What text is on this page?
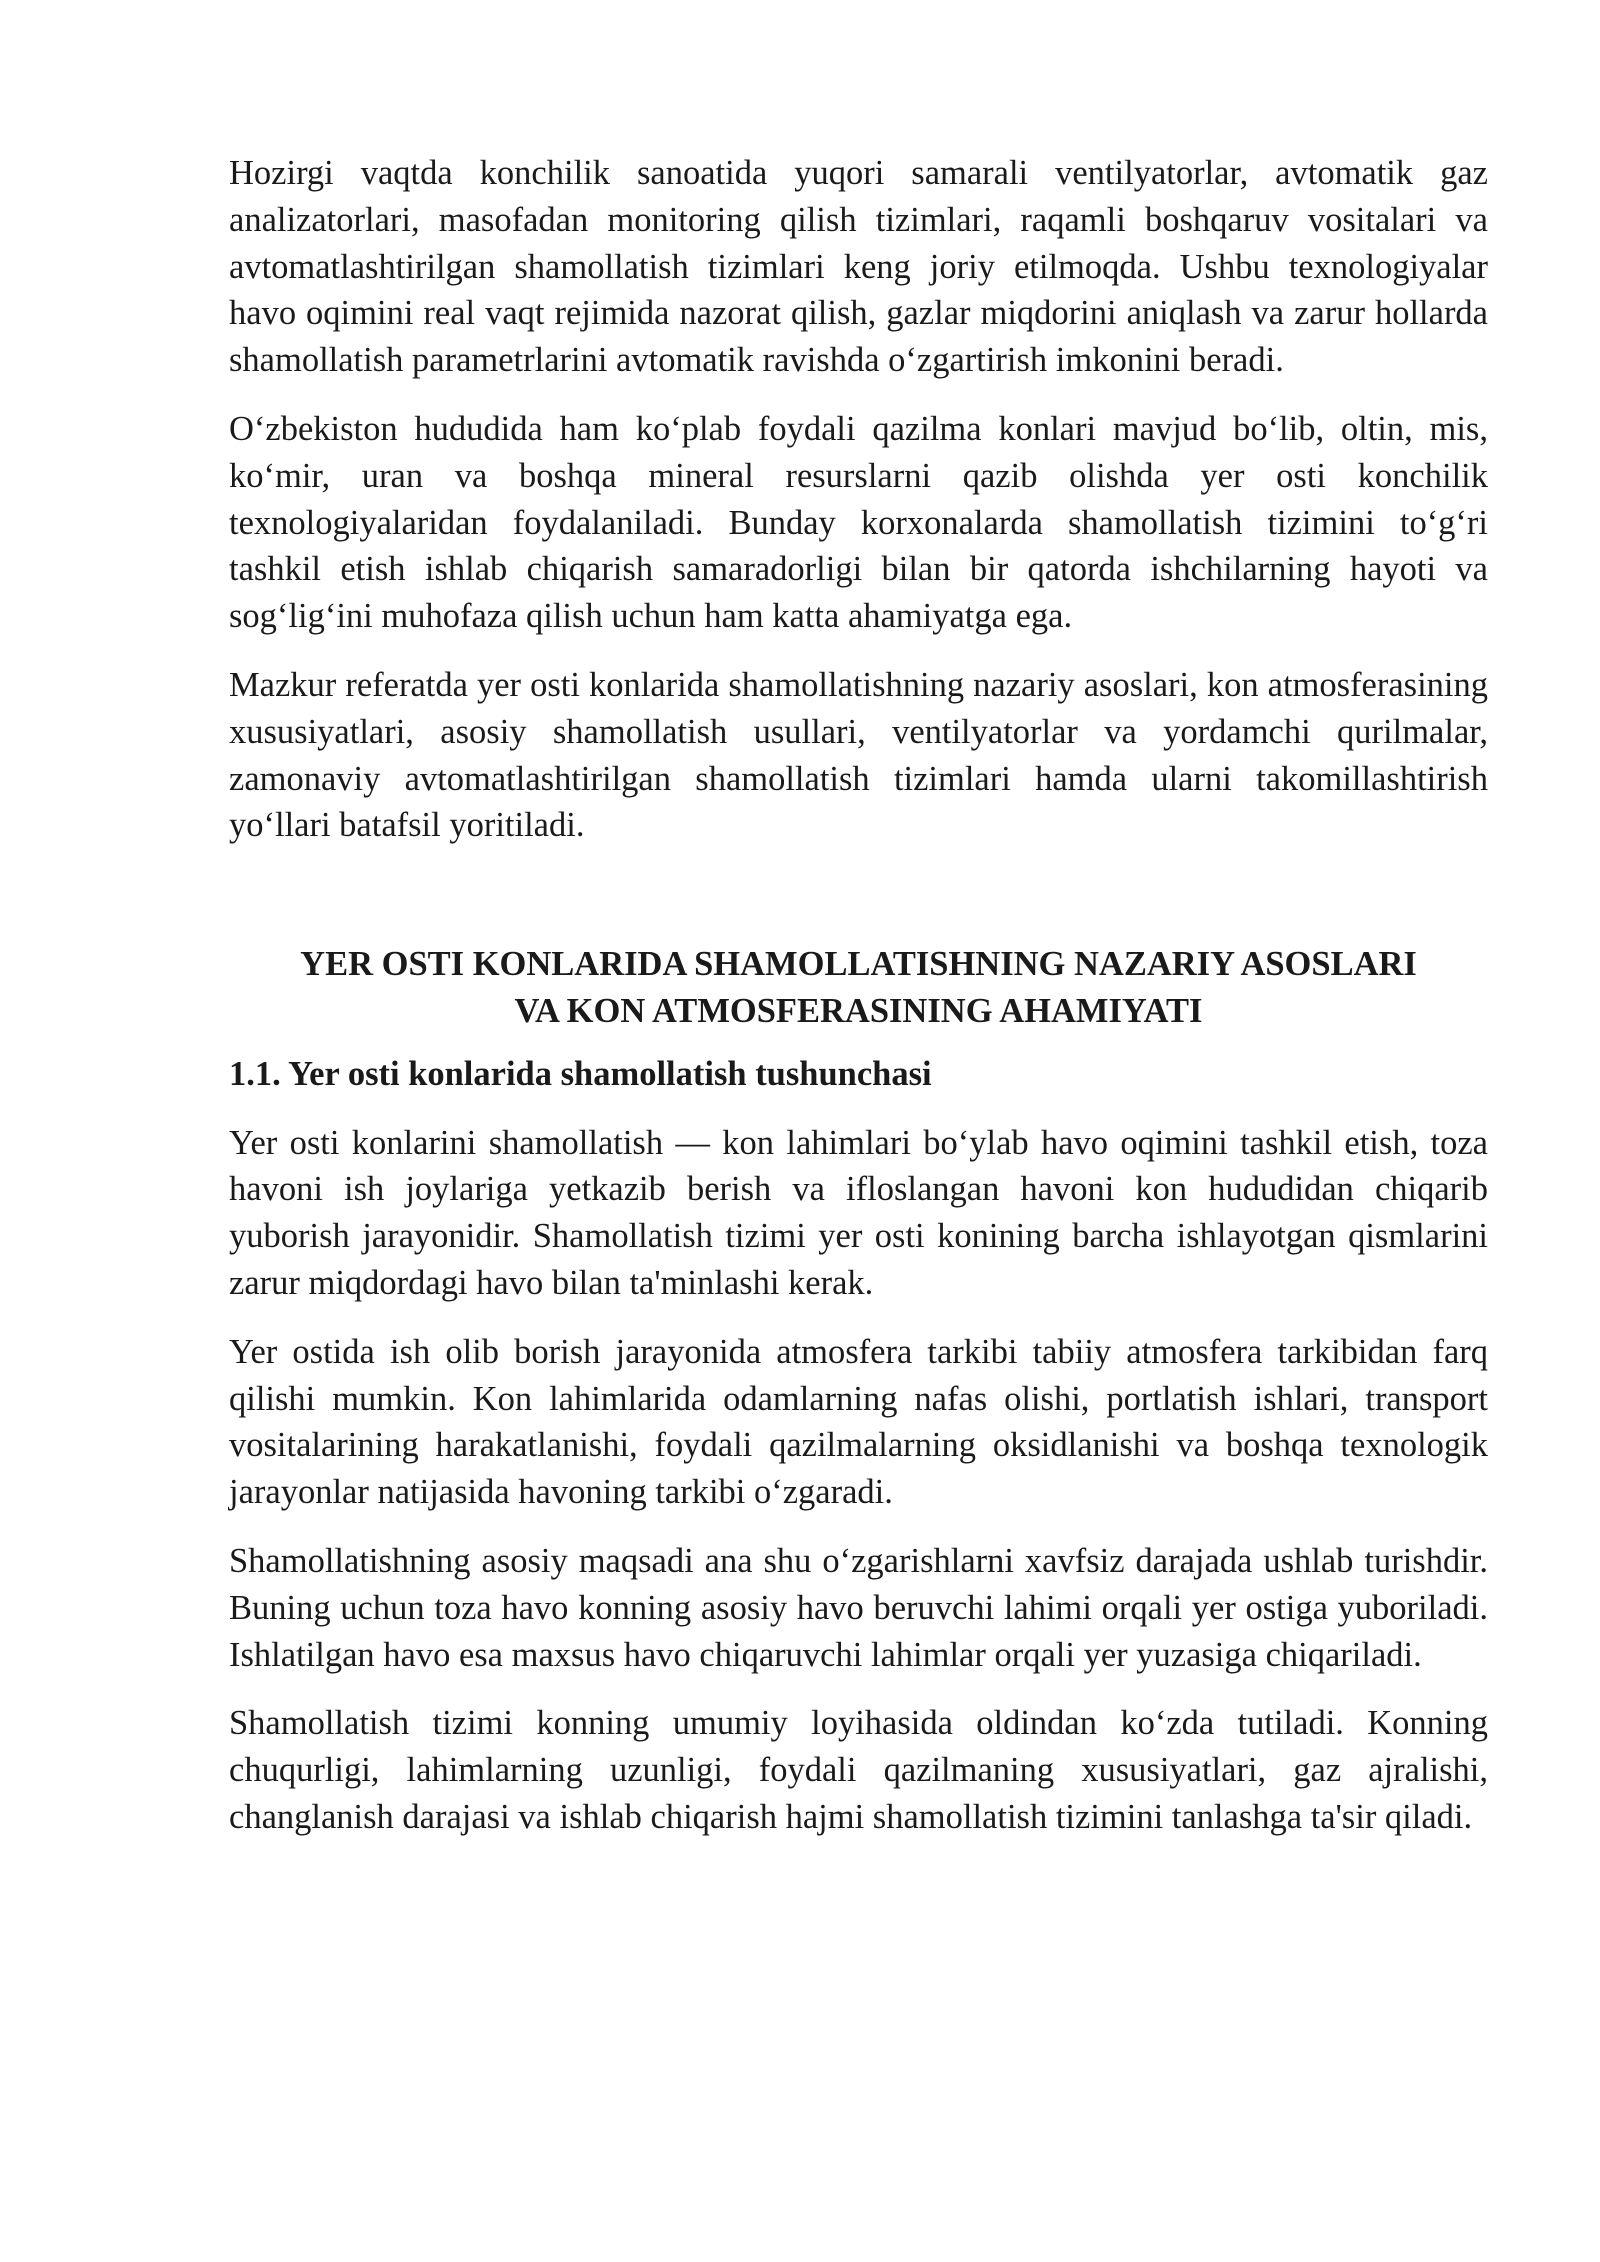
Hozirgi vaqtda konchilik sanoatida yuqori samarali ventilyatorlar, avtomatik gaz analizatorlari, masofadan monitoring qilish tizimlari, raqamli boshqaruv vositalari va avtomatlashtirilgan shamollatish tizimlari keng joriy etilmoqda. Ushbu texnologiyalar havo oqimini real vaqt rejimida nazorat qilish, gazlar miqdorini aniqlash va zarur hollarda shamollatish parametrlarini avtomatik ravishda oʻzgartirish imkonini beradi.

Oʻzbekiston hududida ham koʻplab foydali qazilma konlari mavjud boʻlib, oltin, mis, koʻmir, uran va boshqa mineral resurslarni qazib olishda yer osti konchilik texnologiyalaridan foydalaniladi. Bunday korxonalarda shamollatish tizimini toʻgʻri tashkil etish ishlab chiqarish samaradorligi bilan bir qatorda ishchilarning hayoti va sogʻligʻini muhofaza qilish uchun ham katta ahamiyatga ega.

Mazkur referatda yer osti konlarida shamollatishning nazariy asoslari, kon atmosferasining xususiyatlari, asosiy shamollatish usullari, ventilyatorlar va yordamchi qurilmalar, zamonaviy avtomatlashtirilgan shamollatish tizimlari hamda ularni takomillashtirish yoʻllari batafsil yoritiladi.

YER OSTI KONLARIDA SHAMOLLATISHNING NAZARIY ASOSLARI
VA KON ATMOSFERASINING AHAMIYATI
1.1. Yer osti konlarida shamollatish tushunchasi

Yer osti konlarini shamollatish — kon lahimlari boʻylab havo oqimini tashkil etish, toza havoni ish joylariga yetkazib berish va ifloslangan havoni kon hududidan chiqarib yuborish jarayonidir. Shamollatish tizimi yer osti konining barcha ishlayotgan qismlarini zarur miqdordagi havo bilan ta'minlashi kerak.

Yer ostida ish olib borish jarayonida atmosfera tarkibi tabiiy atmosfera tarkibidan farq qilishi mumkin. Kon lahimlarida odamlarning nafas olishi, portlatish ishlari, transport vositalarining harakatlanishi, foydali qazilmalarning oksidlanishi va boshqa texnologik jarayonlar natijasida havoning tarkibi oʻzgaradi.

Shamollatishning asosiy maqsadi ana shu oʻzgarishlarni xavfsiz darajada ushlab turishdir. Buning uchun toza havo konning asosiy havo beruvchi lahimi orqali yer ostiga yuboriladi. Ishlatilgan havo esa maxsus havo chiqaruvchi lahimlar orqali yer yuzasiga chiqariladi.

Shamollatish tizimi konning umumiy loyihasida oldindan koʻzda tutiladi. Konning chuqurligi, lahimlarning uzunligi, foydali qazilmaning xususiyatlari, gaz ajralishi, changlanish darajasi va ishlab chiqarish hajmi shamollatish tizimini tanlashga ta'sir qiladi.
